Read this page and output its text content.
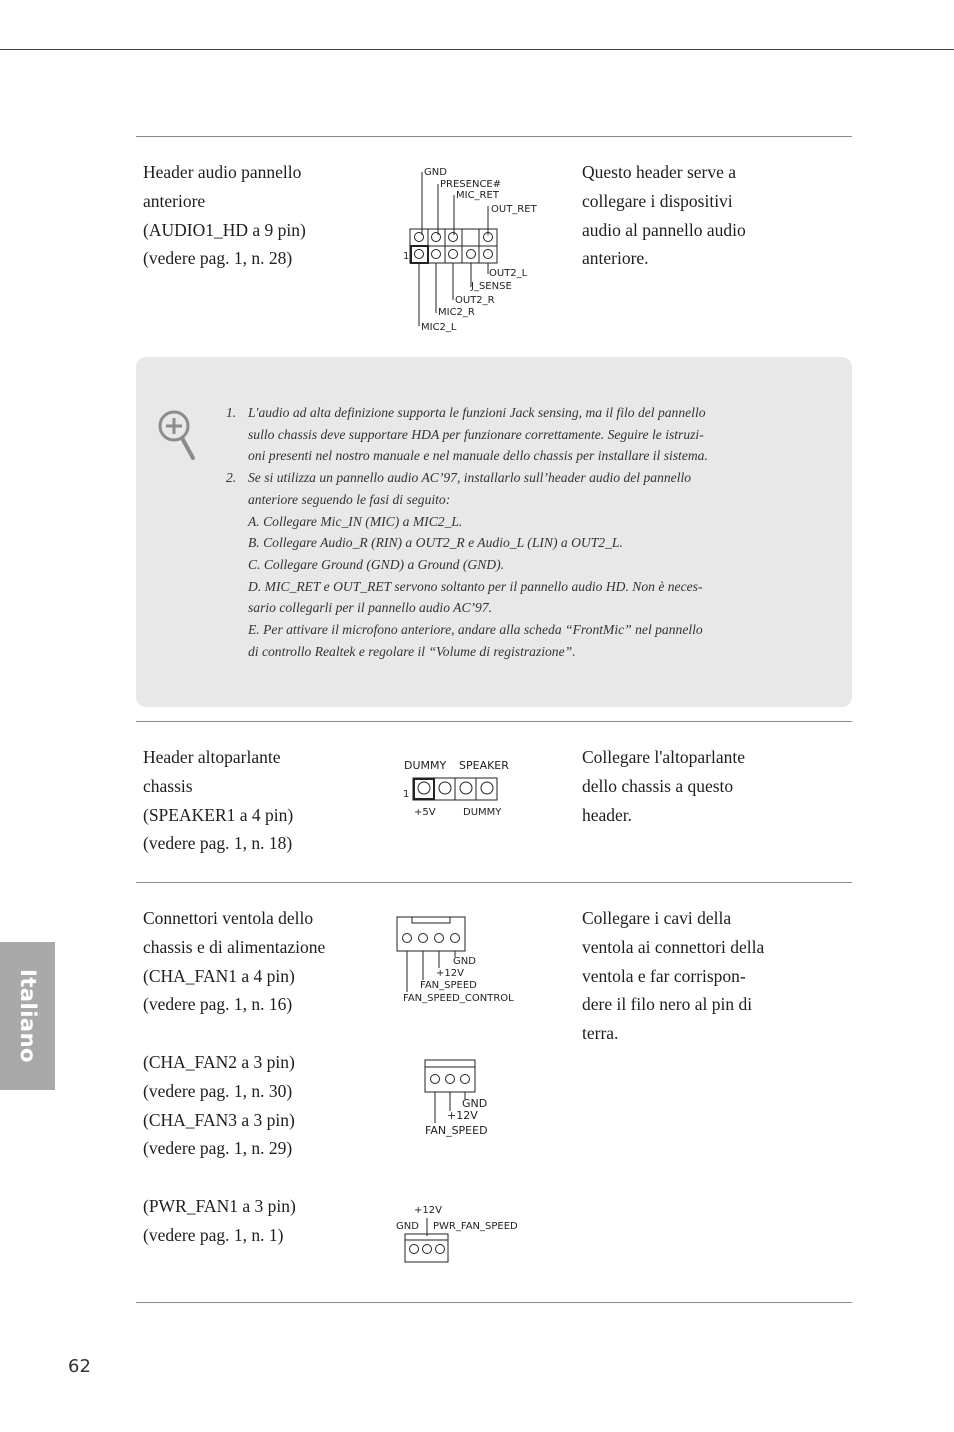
Header audio pannello
anteriore
(AUDIO1_HD a 9 pin)
(vedere pag. 1, n. 28)
Questo header serve a
collegare i dispositivi
audio al pannello audio
anteriore.
GND
PRESENCE#
MIC_RET
OUT_RET
1
OUT2_L
J_SENSE
OUT2_R
MIC2_R
MIC2_L
1. L'audio ad alta definizione supporta le funzioni Jack sensing, ma il filo del pannello
sullo chassis deve supportare HDA per funzionare correttamente. Seguire le istruzi-
oni presenti nel nostro manuale e nel manuale dello chassis per installare il sistema.
2. Se si utilizza un pannello audio AC’97, installarlo sull’header audio del pannello
anteriore seguendo le fasi di seguito:
A. Collegare Mic_IN (MIC) a MIC2_L.
B. Collegare Audio_R (RIN) a OUT2_R e Audio_L (LIN) a OUT2_L.
C. Collegare Ground (GND) a Ground (GND).
D. MIC_RET e OUT_RET servono soltanto per il pannello audio HD. Non è neces-
sario collegarli per il pannello audio AC’97.
E. Per attivare il microfono anteriore, andare alla scheda “FrontMic” nel pannello
di controllo Realtek e regolare il “Volume di registrazione”.
Header altoparlante
chassis
(SPEAKER1 a 4 pin)
(vedere pag. 1, n. 18)
Collegare l'altoparlante
dello chassis a questo
header.
DUMMY SPEAKER
1
+5V	DUMMY
Connettori ventola dello
chassis e di alimentazione
(CHA_FAN1 a 4 pin)
(vedere pag. 1, n. 16)
(CHA_FAN2 a 3 pin)
(vedere pag. 1, n. 30)
(CHA_FAN3 a 3 pin)
(vedere pag. 1, n. 29)
(PWR_FAN1 a 3 pin)
(vedere pag. 1, n. 1)
Collegare i cavi della
ventola ai connettori della
ventola e far corrispon-
dere il filo nero al pin di
terra.
GND
+12V
FAN_SPEED
FAN_SPEED_CONTROL
GND
+12V
FAN_SPEED
+12V
GND PWR_FAN_SPEED
Italiano
62
